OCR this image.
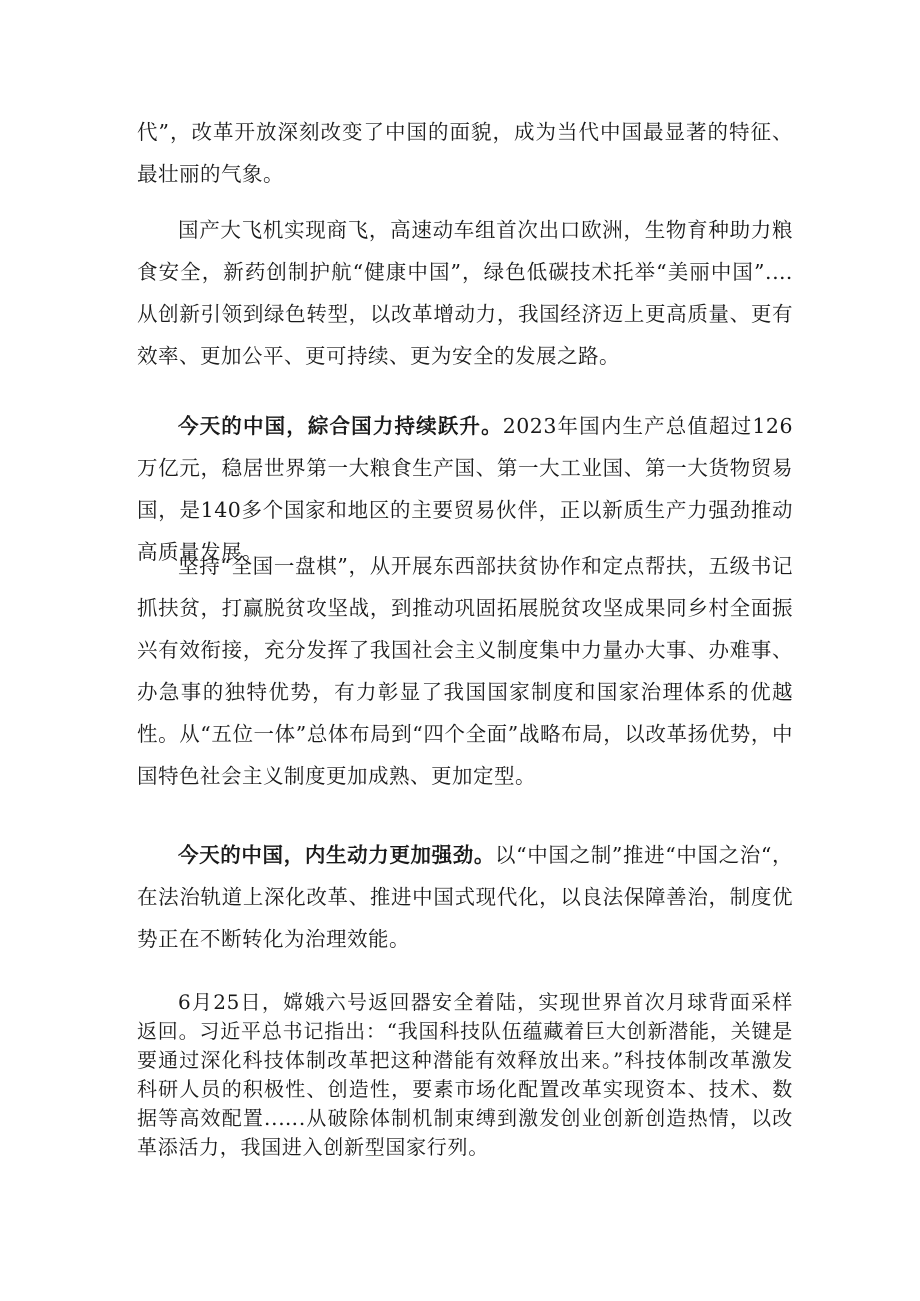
代”，改革开放深刻改变了中国的面貌，成为当代中国最显著的特征、最壮丽的气象。

国产大飞机实现商飞，高速动车组首次出口欧洲，生物育种助力粮食安全，新药创制护航“健康中国”，绿色低碳技术托举“美丽中国”.…从创新引领到绿色转型，以改革增动力，我国经济迈上更高质量、更有效率、更加公平、更可持续、更为安全的发展之路。

今天的中国，綜合国力持续跃升。2023年国内生产总值超过126万亿元，稳居世界第一大粮食生产国、第一大工业国、第一大货物贸易国，是140多个国家和地区的主要贸易伙伴，正以新质生产力强劲推动高质量发展。

坚持“全国一盘棋”，从开展东西部扶贫协作和定点帮扶，五级书记抓扶贫，打赢脱贫攻坚战，到推动巩固拓展脱贫攻坚成果同乡村全面振兴有效衔接，充分发挥了我国社会主义制度集中力量办大事、办难事、办急事的独特优势，有力彰显了我国国家制度和国家治理体系的优越性。从“五位一体”总体布局到“四个全面”战略布局，以改革扬优势，中国特色社会主义制度更加成熟、更加定型。

今天的中国，内生动力更加强劲。以“中国之制”推进“中国之治“，在法治轨道上深化改革、推进中国式现代化，以良法保障善治，制度优势正在不断转化为治理效能。

6月25日，嫦娥六号返回器安全着陆，实现世界首次月球背面采样返回。习近平总书记指出：“我国科技队伍蕴藏着巨大创新潜能，关键是要通过深化科技体制改革把这种潜能有效释放出来。”科技体制改革激发科研人员的积极性、创造性，要素市场化配置改革实现资本、技术、数据等高效配置..….从破除体制机制束缚到激发创业创新创造热情，以改革添活力，我国进入创新型国家行列。
